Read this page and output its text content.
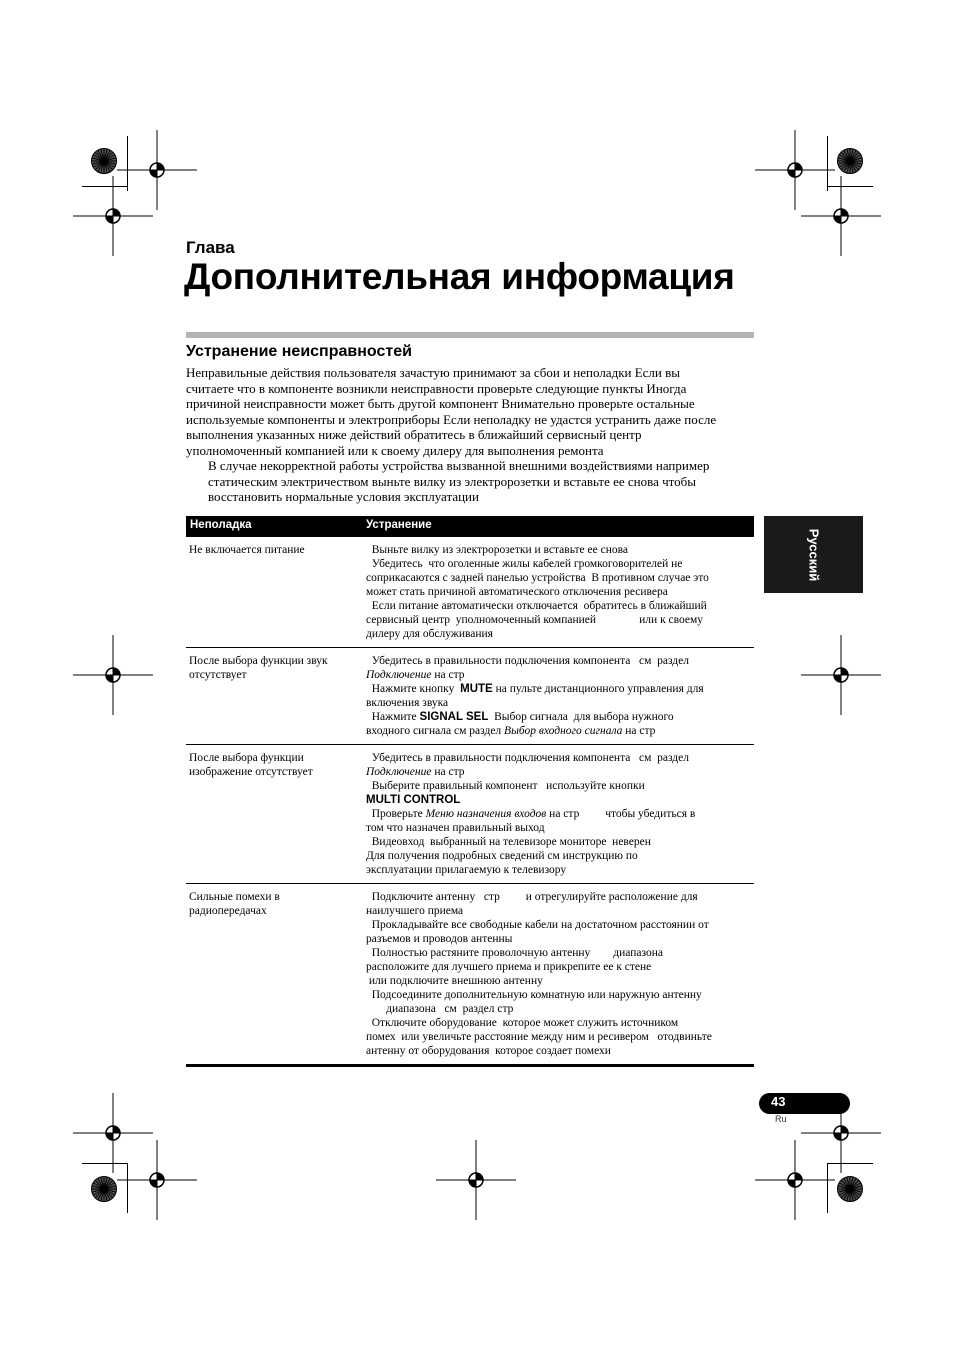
Глава
Дополнительная информация
Устранение неисправностей
Неправильные действия пользователя зачастую принимают за сбои и неполадки Если вы
считаете что в компоненте возникли неисправности проверьте следующие пункты Иногда
причиной неисправности может быть другой компонент Внимательно проверьте остальные
используемые компоненты и электроприборы Если неполадку не удастся устранить даже после
выполнения указанных ниже действий обратитесь в ближайший сервисный центр
уполномоченный компанией или к своему дилеру для выполнения ремонта
В случае некорректной работы устройства вызванной внешними воздействиями например
статическим электричеством выньте вилку из электророзетки и вставьте ее снова чтобы
восстановить нормальные условия эксплуатации
Русский
Неполадка	Устранение
Не включается питание	Выньте вилку из электророзетки и вставьте ее снова
Убедитесь  что оголенные жилы кабелей громкоговорителей не
соприкасаются с задней панелью устройства  В противном случае это
может стать причиной автоматического отключения ресивера
Если питание автоматически отключается  обратитесь в ближайший
сервисный центр  уполномоченный компанией               или к своему
дилеру для обслуживания
После выбора функции звук отсутствует
Убедитесь в правильности подключения компонента   см  раздел
Подключение на стр
Нажмите кнопку  MUTE на пульте дистанционного управления для
включения звука
Нажмите SIGNAL SEL  Выбор сигнала  для выбора нужного
входного сигнала см раздел Выбор входного сигнала на стр
После выбора функции изображение отсутствует
Убедитесь в правильности подключения компонента   см  раздел
Подключение на стр
Выберите правильный компонент   используйте кнопки
MULTI CONTROL
Проверьте Меню назначения входов на стр         чтобы убедиться в
том что назначен правильный выход
Видеовход  выбранный на телевизоре мониторе  неверен
Для получения подробных сведений см инструкцию по
эксплуатации прилагаемую к телевизору
Сильные помехи в радиопередачах
Подключите антенну   стр         и отрегулируйте расположение для
наилучшего приема
Прокладывайте все свободные кабели на достаточном расстоянии от
разъемов и проводов антенны
Полностью растяните проволочную антенну        диапазона
расположите для лучшего приема и прикрепите ее к стене
или подключите внешнюю антенну
Подсоедините дополнительную комнатную или наружную антенну
диапазона   см  раздел стр
Отключите оборудование  которое может служить источником
помех  или увеличьте расстояние между ним и ресивером   отодвиньте
антенну от оборудования  которое создает помехи
43
Ru
